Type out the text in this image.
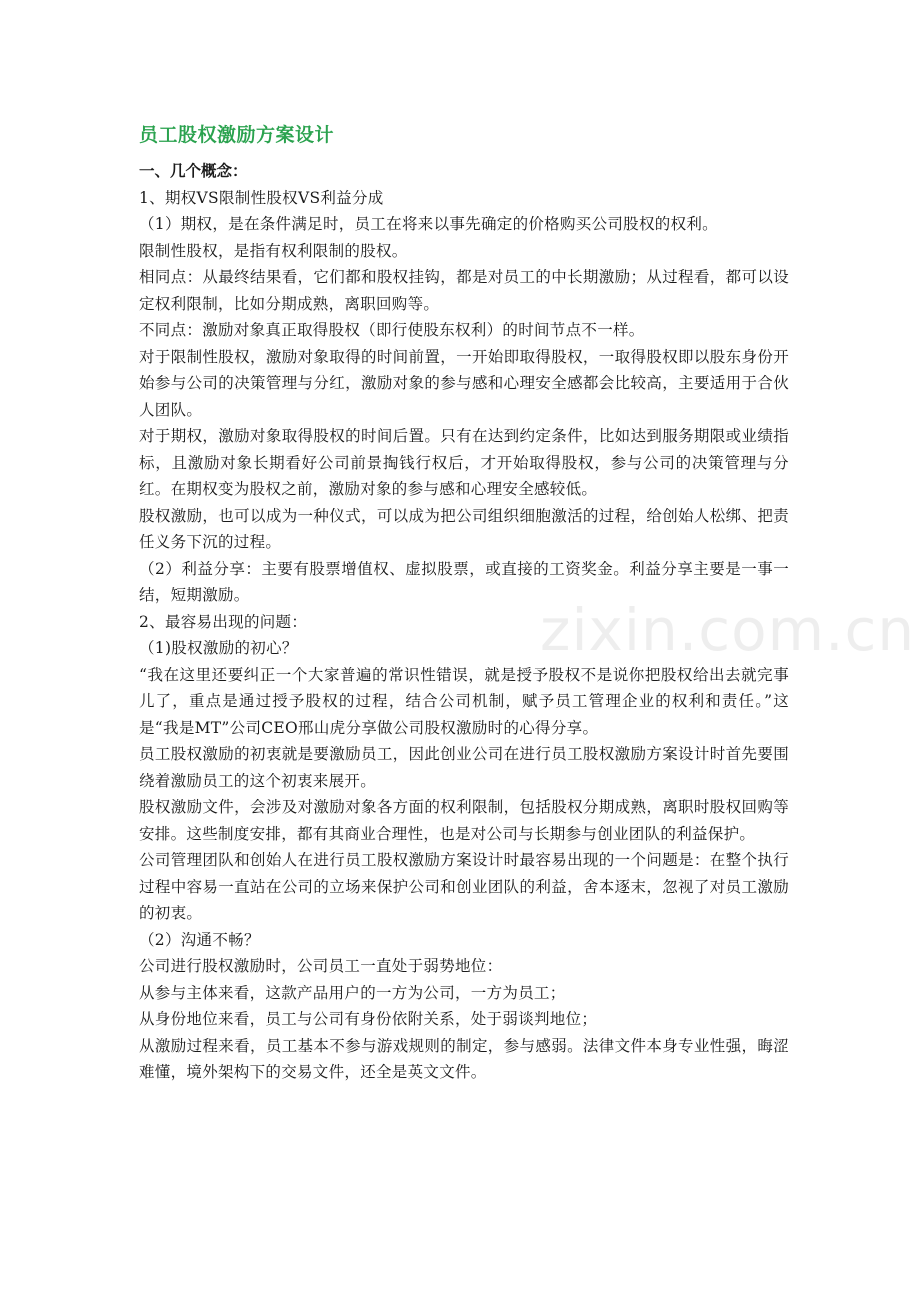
zixin.com.cn
员工股权激励方案设计
一、几个概念：

1、期权VS限制性股权VS利益分成

（1）期权，是在条件满足时，员工在将来以事先确定的价格购买公司股权的权利。

限制性股权，是指有权利限制的股权。

相同点：从最终结果看，它们都和股权挂钩，都是对员工的中长期激励；从过程看，都可以设定权利限制，比如分期成熟，离职回购等。

不同点：激励对象真正取得股权（即行使股东权利）的时间节点不一样。

对于限制性股权，激励对象取得的时间前置，一开始即取得股权，一取得股权即以股东身份开始参与公司的决策管理与分红，激励对象的参与感和心理安全感都会比较高，主要适用于合伙人团队。

对于期权，激励对象取得股权的时间后置。只有在达到约定条件，比如达到服务期限或业绩指标，且激励对象长期看好公司前景掏钱行权后，才开始取得股权，参与公司的决策管理与分红。在期权变为股权之前，激励对象的参与感和心理安全感较低。

股权激励，也可以成为一种仪式，可以成为把公司组织细胞激活的过程，给创始人松绑、把责任义务下沉的过程。

（2）利益分享：主要有股票增值权、虚拟股票，或直接的工资奖金。利益分享主要是一事一结，短期激励。

2、最容易出现的问题：

（1)股权激励的初心？

“我在这里还要纠正一个大家普遍的常识性错误，就是授予股权不是说你把股权给出去就完事儿了，重点是通过授予股权的过程，结合公司机制，赋予员工管理企业的权利和责任。”这是“我是MT”公司CEO邢山虎分享做公司股权激励时的心得分享。

员工股权激励的初衷就是要激励员工，因此创业公司在进行员工股权激励方案设计时首先要围绕着激励员工的这个初衷来展开。

股权激励文件，会涉及对激励对象各方面的权利限制，包括股权分期成熟，离职时股权回购等安排。这些制度安排，都有其商业合理性，也是对公司与长期参与创业团队的利益保护。

公司管理团队和创始人在进行员工股权激励方案设计时最容易出现的一个问题是：在整个执行过程中容易一直站在公司的立场来保护公司和创业团队的利益，舍本逐末，忽视了对员工激励的初衷。

（2）沟通不畅？

公司进行股权激励时，公司员工一直处于弱势地位：

从参与主体来看，这款产品用户的一方为公司，一方为员工；

从身份地位来看，员工与公司有身份依附关系，处于弱谈判地位；

从激励过程来看，员工基本不参与游戏规则的制定，参与感弱。法律文件本身专业性强，晦涩难懂，境外架构下的交易文件，还全是英文文件。
